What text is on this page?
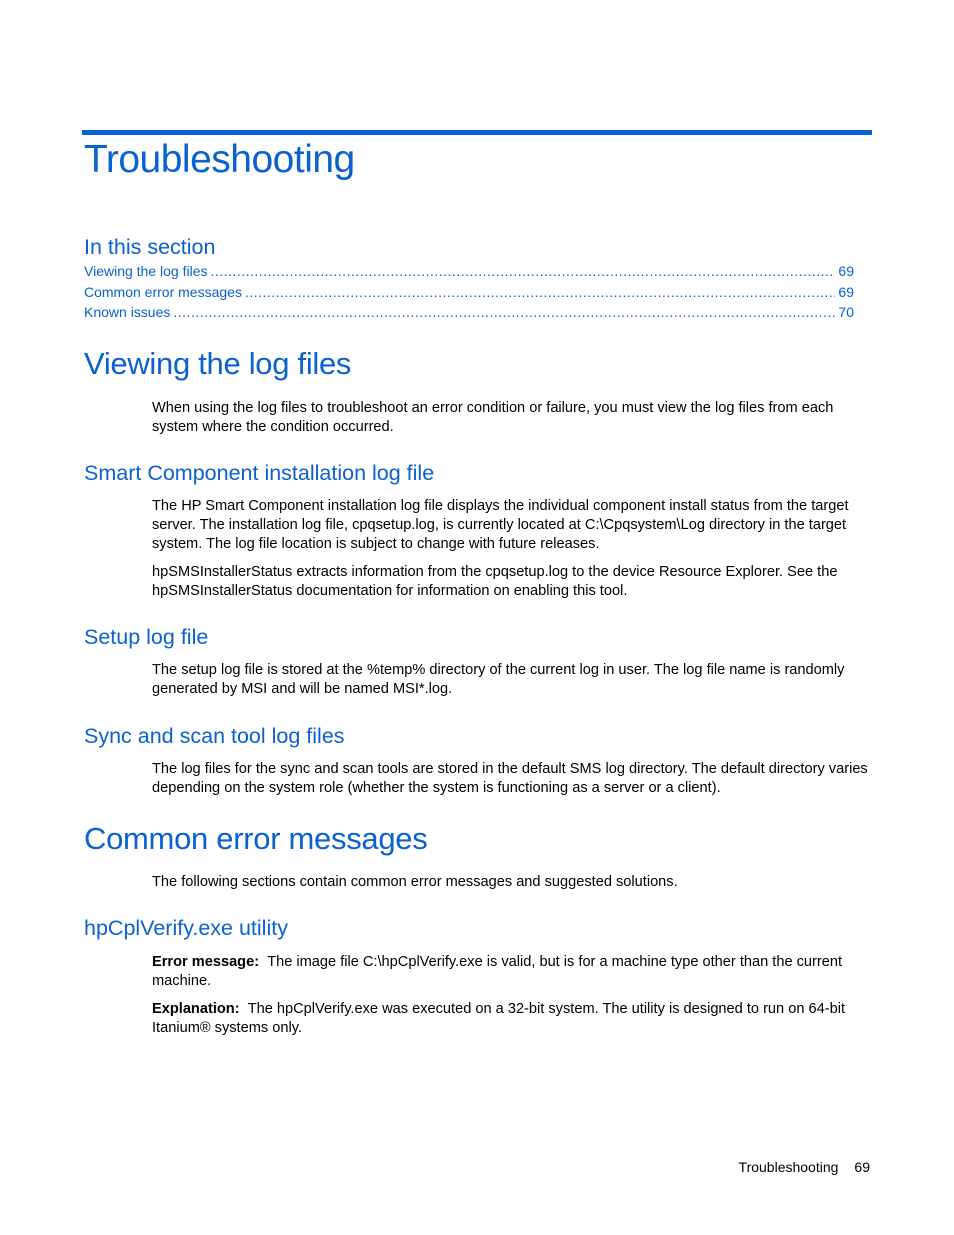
Troubleshooting
In this section
Viewing the log files .....	69
Common error messages .....	69
Known issues .....	70
Viewing the log files

When using the log files to troubleshoot an error condition or failure, you must view the log files from each system where the condition occurred.

Smart Component installation log file

The HP Smart Component installation log file displays the individual component install status from the target server. The installation log file, cpqsetup.log, is currently located at C:\Cpqsystem\Log directory in the target system. The log file location is subject to change with future releases.

hpSMSInstallerStatus extracts information from the cpqsetup.log to the device Resource Explorer. See the hpSMSInstallerStatus documentation for information on enabling this tool.

Setup log file

The setup log file is stored at the %temp% directory of the current log in user. The log file name is randomly generated by MSI and will be named MSI*.log.

Sync and scan tool log files

The log files for the sync and scan tools are stored in the default SMS log directory. The default directory varies depending on the system role (whether the system is functioning as a server or a client).

Common error messages

The following sections contain common error messages and suggested solutions.

hpCplVerify.exe utility

Error message: The image file C:\hpCplVerify.exe is valid, but is for a machine type other than the current machine.

Explanation: The hpCplVerify.exe was executed on a 32-bit system. The utility is designed to run on 64-bit Itanium® systems only.

Troubleshooting 69
